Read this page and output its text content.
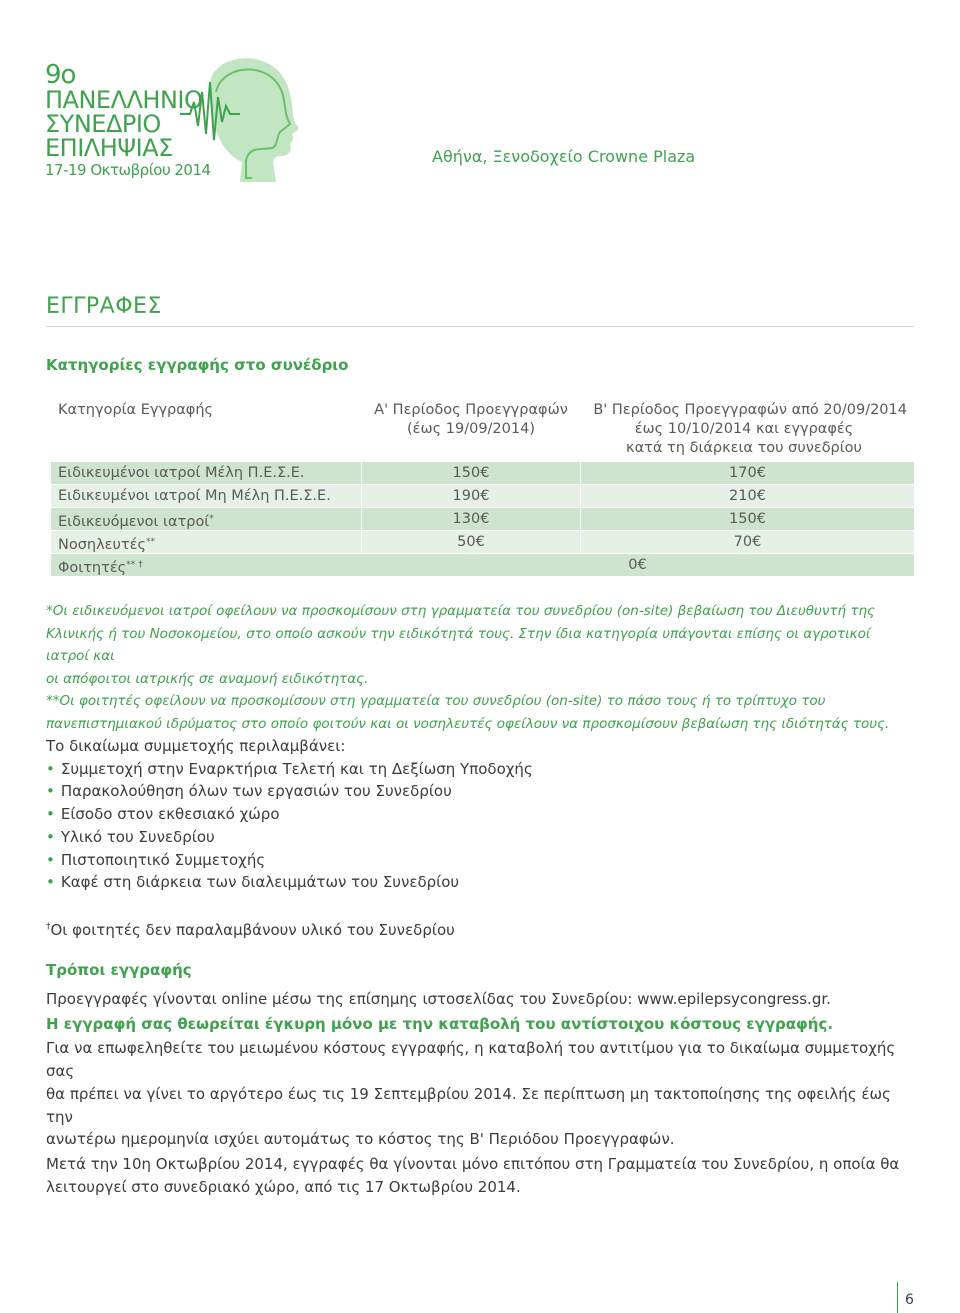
9ο
ΠΑΝΕΛΛΗΝΙΟ
ΣΥΝΕΔΡΙΟ
ΕΠΙΛΗΨΙΑΣ
17-19 Οκτωβρίου 2014
Αθήνα, Ξενοδοχείο Crowne Plaza
ΕΓΓΡΑΦΕΣ
Κατηγορίες εγγραφής στο συνέδριο
Κατηγορία Εγγραφής	Α' Περίοδος Προεγγραφών
(έως 19/09/2014)
Β' Περίοδος Προεγγραφών από 20/09/2014
έως 10/10/2014 και εγγραφές
κατά τη διάρκεια του συνεδρίου
Ειδικευμένοι ιατροί Μέλη Π.Ε.Σ.Ε.	150€	170€
Ειδικευμένοι ιατροί Μη Μέλη Π.Ε.Σ.Ε.	190€	210€
Ειδικευόμενοι ιατροί*	130€	150€
Νοσηλευτές**	50€	70€
Φοιτητές** †	0€

*Οι ειδικευόμενοι ιατροί οφείλουν να προσκομίσουν στη γραμματεία του συνεδρίου (on-site) βεβαίωση του Διευθυντή της

Κλινικής ή του Νοσοκομείου, στο οποίο ασκούν την ειδικότητά τους. Στην ίδια κατηγορία υπάγονται επίσης οι αγροτικοί ιατροί και

οι απόφοιτοι ιατρικής σε αναμονή ειδικότητας.

**Οι φοιτητές οφείλουν να προσκομίσουν στη γραμματεία του συνεδρίου (on-site) το πάσο τους ή το τρίπτυχο του

πανεπιστημιακού ιδρύματος στο οποίο φοιτούν και οι νοσηλευτές οφείλουν να προσκομίσουν βεβαίωση της ιδιότητάς τους.

Το δικαίωμα συμμετοχής περιλαμβάνει:
• Συμμετοχή στην Εναρκτήρια Τελετή και τη Δεξίωση Υποδοχής
• Παρακολούθηση όλων των εργασιών του Συνεδρίου
• Είσοδο στον εκθεσιακό χώρο
• Υλικό του Συνεδρίου
• Πιστοποιητικό Συμμετοχής
• Καφέ στη διάρκεια των διαλειμμάτων του Συνεδρίου
†Οι φοιτητές δεν παραλαμβάνουν υλικό του Συνεδρίου
Τρόποι εγγραφής

Προεγγραφές γίνονται online μέσω της επίσημης ιστοσελίδας του Συνεδρίου: www.epilepsycongress.gr.

Η εγγραφή σας θεωρείται έγκυρη μόνο με την καταβολή του αντίστοιχου κόστους εγγραφής.

Για να επωφεληθείτε του μειωμένου κόστους εγγραφής, η καταβολή του αντιτίμου για το δικαίωμα συμμετοχής σας

θα πρέπει να γίνει το αργότερο έως τις 19 Σεπτεμβρίου 2014. Σε περίπτωση μη τακτοποίησης της οφειλής έως την

ανωτέρω ημερομηνία ισχύει αυτομάτως το κόστος της Β' Περιόδου Προεγγραφών.

Μετά την 10η Οκτωβρίου 2014, εγγραφές θα γίνονται μόνο επιτόπου στη Γραμματεία του Συνεδρίου, η οποία θα

λειτουργεί στο συνεδριακό χώρο, από τις 17 Οκτωβρίου 2014.

6
